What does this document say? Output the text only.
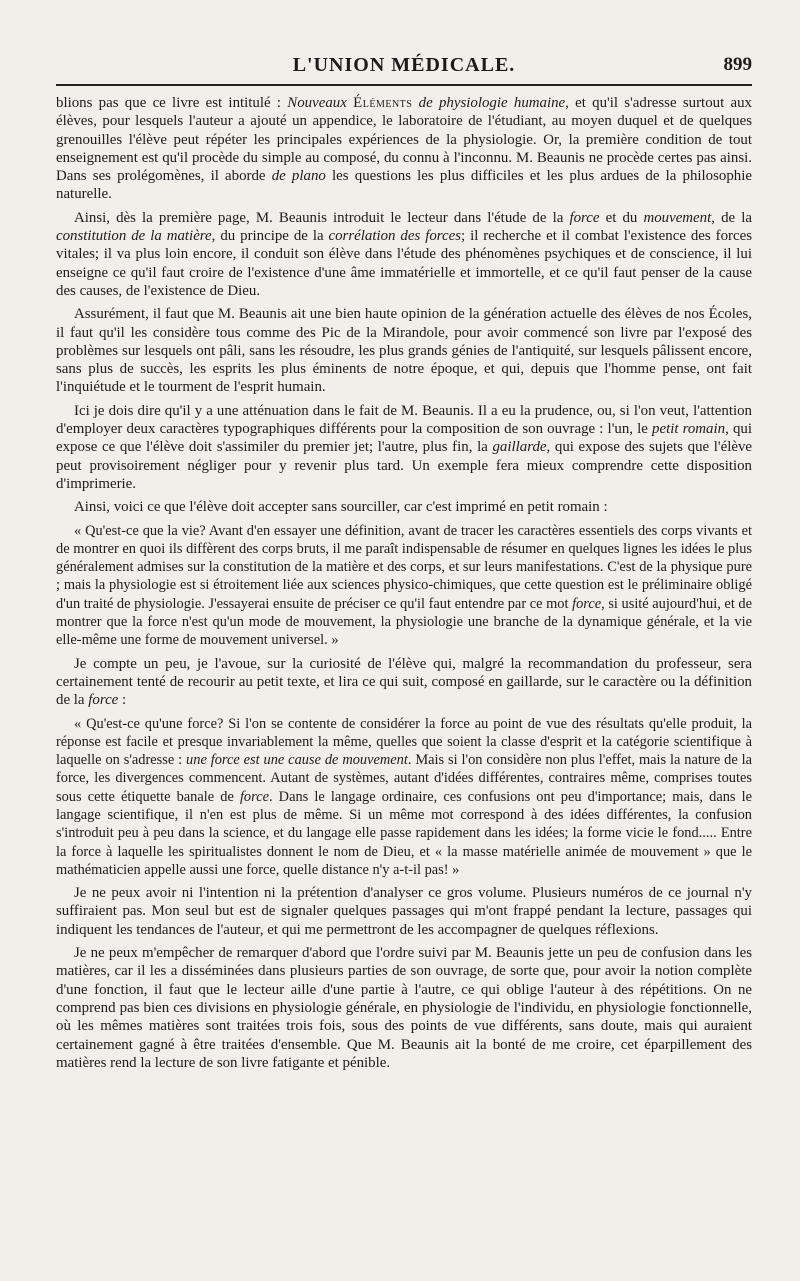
L'UNION MÉDICALE.	899

blions pas que ce livre est intitulé : Nouveaux Éléments de physiologie humaine, et qu'il s'adresse surtout aux élèves, pour lesquels l'auteur a ajouté un appendice, le laboratoire de l'étudiant, au moyen duquel et de quelques grenouilles l'élève peut répéter les principales expériences de la physiologie. Or, la première condition de tout enseignement est qu'il procède du simple au composé, du connu à l'inconnu. M. Beaunis ne procède certes pas ainsi. Dans ses prolégomènes, il aborde de plano les questions les plus difficiles et les plus ardues de la philosophie naturelle.

Ainsi, dès la première page, M. Beaunis introduit le lecteur dans l'étude de la force et du mouvement, de la constitution de la matière, du principe de la corrélation des forces; il recherche et il combat l'existence des forces vitales; il va plus loin encore, il conduit son élève dans l'étude des phénomènes psychiques et de conscience, il lui enseigne ce qu'il faut croire de l'existence d'une âme immatérielle et immortelle, et ce qu'il faut penser de la cause des causes, de l'existence de Dieu.

Assurément, il faut que M. Beaunis ait une bien haute opinion de la génération actuelle des élèves de nos Écoles, il faut qu'il les considère tous comme des Pic de la Mirandole, pour avoir commencé son livre par l'exposé des problèmes sur lesquels ont pâli, sans les résoudre, les plus grands génies de l'antiquité, sur lesquels pâlissent encore, sans plus de succès, les esprits les plus éminents de notre époque, et qui, depuis que l'homme pense, ont fait l'inquiétude et le tourment de l'esprit humain.

Ici je dois dire qu'il y a une atténuation dans le fait de M. Beaunis. Il a eu la prudence, ou, si l'on veut, l'attention d'employer deux caractères typographiques différents pour la composition de son ouvrage : l'un, le petit romain, qui expose ce que l'élève doit s'assimiler du premier jet; l'autre, plus fin, la gaillarde, qui expose des sujets que l'élève peut provisoirement négliger pour y revenir plus tard. Un exemple fera mieux comprendre cette disposition d'imprimerie.

Ainsi, voici ce que l'élève doit accepter sans sourciller, car c'est imprimé en petit romain :

« Qu'est-ce que la vie? Avant d'en essayer une définition, avant de tracer les caractères essentiels des corps vivants et de montrer en quoi ils diffèrent des corps bruts, il me paraît indispensable de résumer en quelques lignes les idées le plus généralement admises sur la constitution de la matière et des corps, et sur leurs manifestations. C'est de la physique pure ; mais la physiologie est si étroitement liée aux sciences physico-chimiques, que cette question est le préliminaire obligé d'un traité de physiologie. J'essayerai ensuite de préciser ce qu'il faut entendre par ce mot force, si usité aujourd'hui, et de montrer que la force n'est qu'un mode de mouvement, la physiologie une branche de la dynamique générale, et la vie elle-même une forme de mouvement universel. »

Je compte un peu, je l'avoue, sur la curiosité de l'élève qui, malgré la recommandation du professeur, sera certainement tenté de recourir au petit texte, et lira ce qui suit, composé en gaillarde, sur le caractère ou la définition de la force :

« Qu'est-ce qu'une force? Si l'on se contente de considérer la force au point de vue des résultats qu'elle produit, la réponse est facile et presque invariablement la même, quelles que soient la classe d'esprit et la catégorie scientifique à laquelle on s'adresse : une force est une cause de mouvement. Mais si l'on considère non plus l'effet, mais la nature de la force, les divergences commencent. Autant de systèmes, autant d'idées différentes, contraires même, comprises toutes sous cette étiquette banale de force. Dans le langage ordinaire, ces confusions ont peu d'importance; mais, dans le langage scientifique, il n'en est plus de même. Si un même mot correspond à des idées différentes, la confusion s'introduit peu à peu dans la science, et du langage elle passe rapidement dans les idées; la forme vicie le fond..... Entre la force à laquelle les spiritualistes donnent le nom de Dieu, et « la masse matérielle animée de mouvement » que le mathématicien appelle aussi une force, quelle distance n'y a-t-il pas! »

Je ne peux avoir ni l'intention ni la prétention d'analyser ce gros volume. Plusieurs numéros de ce journal n'y suffiraient pas. Mon seul but est de signaler quelques passages qui m'ont frappé pendant la lecture, passages qui indiquent les tendances de l'auteur, et qui me permettront de les accompagner de quelques réflexions.

Je ne peux m'empêcher de remarquer d'abord que l'ordre suivi par M. Beaunis jette un peu de confusion dans les matières, car il les a disséminées dans plusieurs parties de son ouvrage, de sorte que, pour avoir la notion complète d'une fonction, il faut que le lecteur aille d'une partie à l'autre, ce qui oblige l'auteur à des répétitions. On ne comprend pas bien ces divisions en physiologie générale, en physiologie de l'individu, en physiologie fonctionnelle, où les mêmes matières sont traitées trois fois, sous des points de vue différents, sans doute, mais qui auraient certainement gagné à être traitées d'ensemble. Que M. Beaunis ait la bonté de me croire, cet éparpillement des matières rend la lecture de son livre fatigante et pénible.
